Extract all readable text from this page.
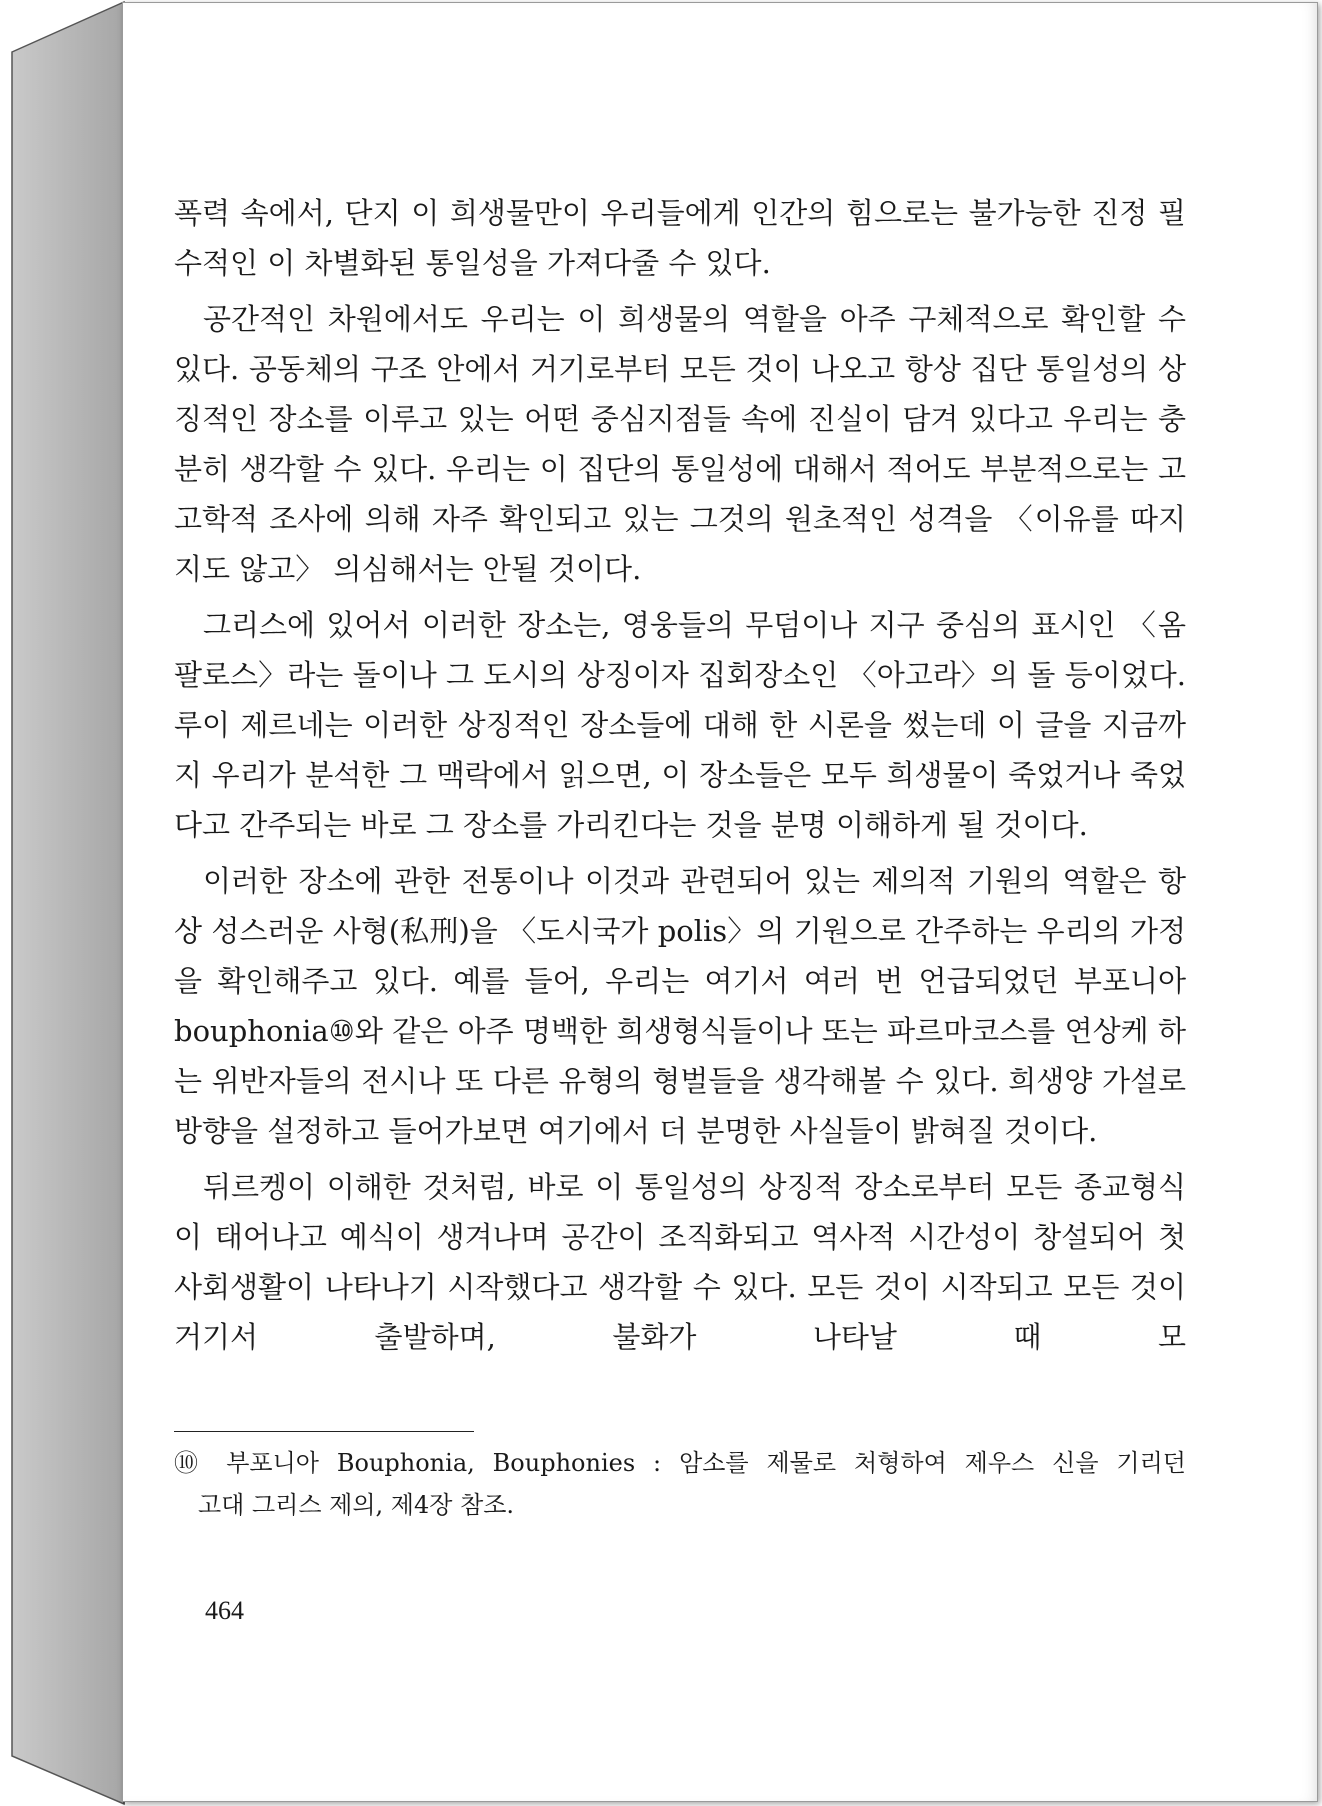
폭력 속에서, 단지 이 희생물만이 우리들에게 인간의 힘으로는 불가능한 진정 필수적인 이 차별화된 통일성을 가져다줄 수 있다.

공간적인 차원에서도 우리는 이 희생물의 역할을 아주 구체적으로 확인할 수 있다. 공동체의 구조 안에서 거기로부터 모든 것이 나오고 항상 집단 통일성의 상징적인 장소를 이루고 있는 어떤 중심지점들 속에 진실이 담겨 있다고 우리는 충분히 생각할 수 있다. 우리는 이 집단의 통일성에 대해서 적어도 부분적으로는 고고학적 조사에 의해 자주 확인되고 있는 그것의 원초적인 성격을 〈이유를 따지지도 않고〉 의심해서는 안될 것이다.

그리스에 있어서 이러한 장소는, 영웅들의 무덤이나 지구 중심의 표시인 〈옴팔로스〉라는 돌이나 그 도시의 상징이자 집회장소인 〈아고라〉의 돌 등이었다. 루이 제르네는 이러한 상징적인 장소들에 대해 한 시론을 썼는데 이 글을 지금까지 우리가 분석한 그 맥락에서 읽으면, 이 장소들은 모두 희생물이 죽었거나 죽었다고 간주되는 바로 그 장소를 가리킨다는 것을 분명 이해하게 될 것이다.

이러한 장소에 관한 전통이나 이것과 관련되어 있는 제의적 기원의 역할은 항상 성스러운 사형(私刑)을 〈도시국가 polis〉의 기원으로 간주하는 우리의 가정을 확인해주고 있다. 예를 들어, 우리는 여기서 여러 번 언급되었던 부포니아 bouphonia⑩와 같은 아주 명백한 희생형식들이나 또는 파르마코스를 연상케 하는 위반자들의 전시나 또 다른 유형의 형벌들을 생각해볼 수 있다. 희생양 가설로 방향을 설정하고 들어가보면 여기에서 더 분명한 사실들이 밝혀질 것이다.

뒤르켕이 이해한 것처럼, 바로 이 통일성의 상징적 장소로부터 모든 종교형식이 태어나고 예식이 생겨나며 공간이 조직화되고 역사적 시간성이 창설되어 첫 사회생활이 나타나기 시작했다고 생각할 수 있다. 모든 것이 시작되고 모든 것이 거기서 출발하며, 불화가 나타날 때 모

⑩ 부포니아 Bouphonia, Bouphonies : 암소를 제물로 처형하여 제우스 신을 기리던
고대 그리스 제의, 제4장 참조.
464
